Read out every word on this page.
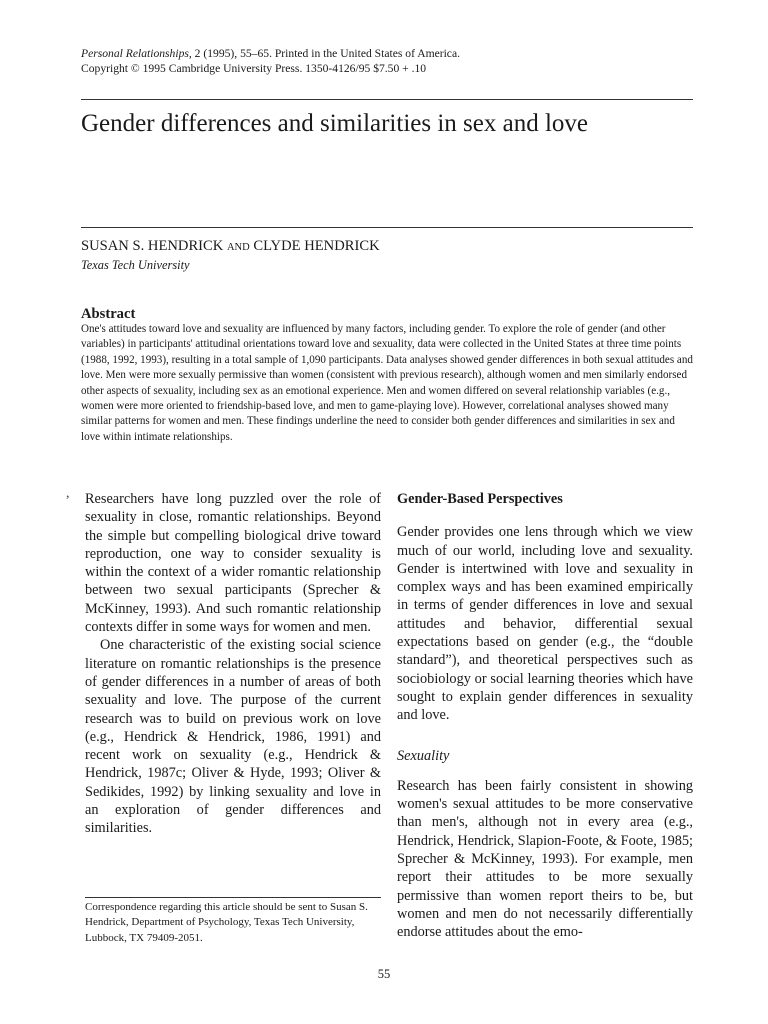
Personal Relationships, 2 (1995), 55–65. Printed in the United States of America.
Copyright © 1995 Cambridge University Press. 1350-4126/95 $7.50 + .10
Gender differences and similarities in sex and love
SUSAN S. HENDRICK AND CLYDE HENDRICK
Texas Tech University
Abstract
One's attitudes toward love and sexuality are influenced by many factors, including gender. To explore the role of gender (and other variables) in participants' attitudinal orientations toward love and sexuality, data were collected in the United States at three time points (1988, 1992, 1993), resulting in a total sample of 1,090 participants. Data analyses showed gender differences in both sexual attitudes and love. Men were more sexually permissive than women (consistent with previous research), although women and men similarly endorsed other aspects of sexuality, including sex as an emotional experience. Men and women differed on several relationship variables (e.g., women were more oriented to friendship-based love, and men to game-playing love). However, correlational analyses showed many similar patterns for women and men. These findings underline the need to consider both gender differences and similarities in sex and love within intimate relationships.
, Researchers have long puzzled over the role of sexuality in close, romantic relationships. Beyond the simple but compelling biological drive toward reproduction, one way to consider sexuality is within the context of a wider romantic relationship between two sexual participants (Sprecher & McKinney, 1993). And such romantic relationship contexts differ in some ways for women and men.

One characteristic of the existing social science literature on romantic relationships is the presence of gender differences in a number of areas of both sexuality and love. The purpose of the current research was to build on previous work on love (e.g., Hendrick & Hendrick, 1986, 1991) and recent work on sexuality (e.g., Hendrick & Hendrick, 1987c; Oliver & Hyde, 1993; Oliver & Sedikides, 1992) by linking sexuality and love in an exploration of gender differences and similarities.

Gender-Based Perspectives

Gender provides one lens through which we view much of our world, including love and sexuality. Gender is intertwined with love and sexuality in complex ways and has been examined empirically in terms of gender differences in love and sexual attitudes and behavior, differential sexual expectations based on gender (e.g., the “double standard”), and theoretical perspectives such as sociobiology or social learning theories which have sought to explain gender differences in sexuality and love.

Sexuality

Research has been fairly consistent in showing women's sexual attitudes to be more conservative than men's, although not in every area (e.g., Hendrick, Hendrick, Slapion-Foote, & Foote, 1985; Sprecher & McKinney, 1993). For example, men report their attitudes to be more sexually permissive than women report theirs to be, but women and men do not necessarily differentially endorse attitudes about the emo-

Correspondence regarding this article should be sent to Susan S. Hendrick, Department of Psychology, Texas Tech University, Lubbock, TX 79409-2051.
55
